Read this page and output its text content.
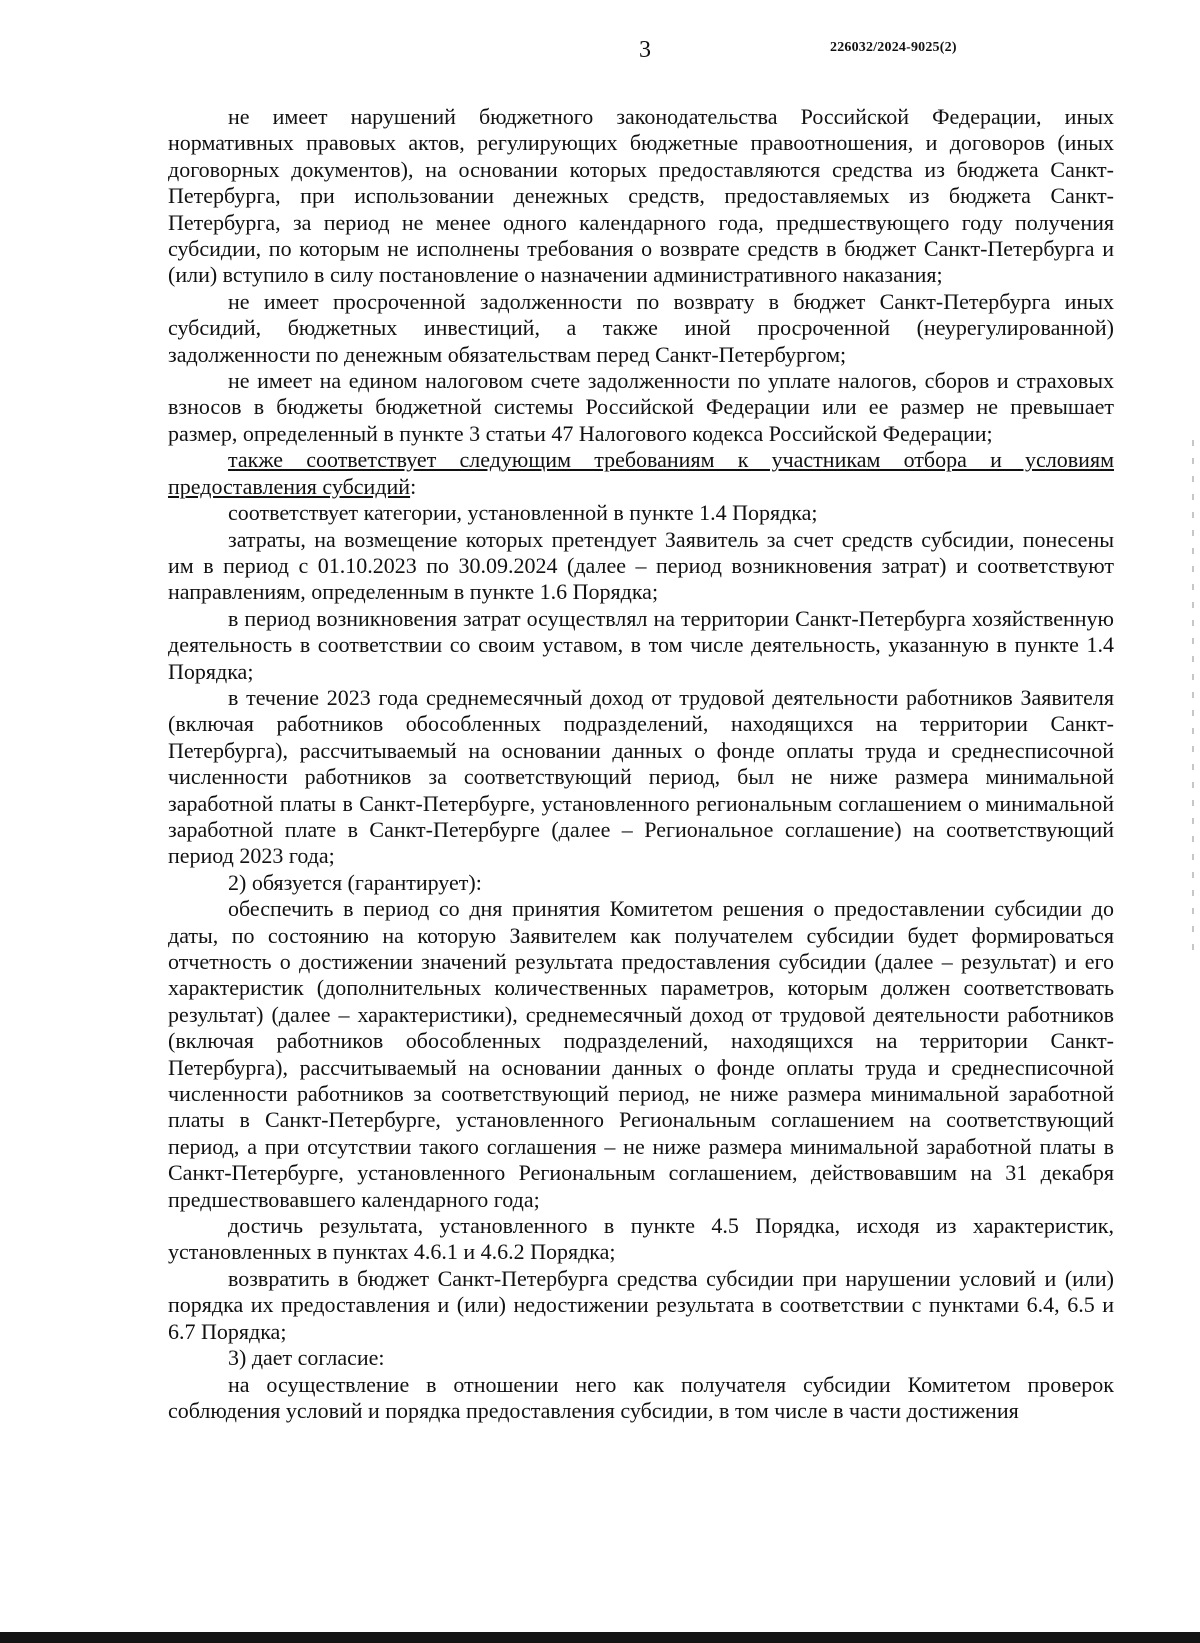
3	226032/2024-9025(2)

не имеет нарушений бюджетного законодательства Российской Федерации, иных нормативных правовых актов, регулирующих бюджетные правоотношения, и договоров (иных договорных документов), на основании которых предоставляются средства из бюджета Санкт-Петербурга, при использовании денежных средств, предоставляемых из бюджета Санкт-Петербурга, за период не менее одного календарного года, предшествующего году получения субсидии, по которым не исполнены требования о возврате средств в бюджет Санкт-Петербурга и (или) вступило в силу постановление о назначении административного наказания;

не имеет просроченной задолженности по возврату в бюджет Санкт-Петербурга иных субсидий, бюджетных инвестиций, а также иной просроченной (неурегулированной) задолженности по денежным обязательствам перед Санкт-Петербургом;

не имеет на едином налоговом счете задолженности по уплате налогов, сборов и страховых взносов в бюджеты бюджетной системы Российской Федерации или ее размер не превышает размер, определенный в пункте 3 статьи 47 Налогового кодекса Российской Федерации;

также соответствует следующим требованиям к участникам отбора и условиям предоставления субсидий:

соответствует категории, установленной в пункте 1.4 Порядка;

затраты, на возмещение которых претендует Заявитель за счет средств субсидии, понесены им в период с 01.10.2023 по 30.09.2024 (далее – период возникновения затрат) и соответствуют направлениям, определенным в пункте 1.6 Порядка;

в период возникновения затрат осуществлял на территории Санкт-Петербурга хозяйственную деятельность в соответствии со своим уставом, в том числе деятельность, указанную в пункте 1.4 Порядка;

в течение 2023 года среднемесячный доход от трудовой деятельности работников Заявителя (включая работников обособленных подразделений, находящихся на территории Санкт-Петербурга), рассчитываемый на основании данных о фонде оплаты труда и среднесписочной численности работников за соответствующий период, был не ниже размера минимальной заработной платы в Санкт-Петербурге, установленного региональным соглашением о минимальной заработной плате в Санкт-Петербурге (далее – Региональное соглашение) на соответствующий период 2023 года;

2) обязуется (гарантирует):

обеспечить в период со дня принятия Комитетом решения о предоставлении субсидии до даты, по состоянию на которую Заявителем как получателем субсидии будет формироваться отчетность о достижении значений результата предоставления субсидии (далее – результат) и его характеристик (дополнительных количественных параметров, которым должен соответствовать результат) (далее – характеристики), среднемесячный доход от трудовой деятельности работников (включая работников обособленных подразделений, находящихся на территории Санкт-Петербурга), рассчитываемый на основании данных о фонде оплаты труда и среднесписочной численности работников за соответствующий период, не ниже размера минимальной заработной платы в Санкт-Петербурге, установленного Региональным соглашением на соответствующий период, а при отсутствии такого соглашения – не ниже размера минимальной заработной платы в Санкт-Петербурге, установленного Региональным соглашением, действовавшим на 31 декабря предшествовавшего календарного года;

достичь результата, установленного в пункте 4.5 Порядка, исходя из характеристик, установленных в пунктах 4.6.1 и 4.6.2 Порядка;

возвратить в бюджет Санкт-Петербурга средства субсидии при нарушении условий и (или) порядка их предоставления и (или) недостижении результата в соответствии с пунктами 6.4, 6.5 и 6.7 Порядка;

3) дает согласие:

на осуществление в отношении него как получателя субсидии Комитетом проверок соблюдения условий и порядка предоставления субсидии, в том числе в части достижения
